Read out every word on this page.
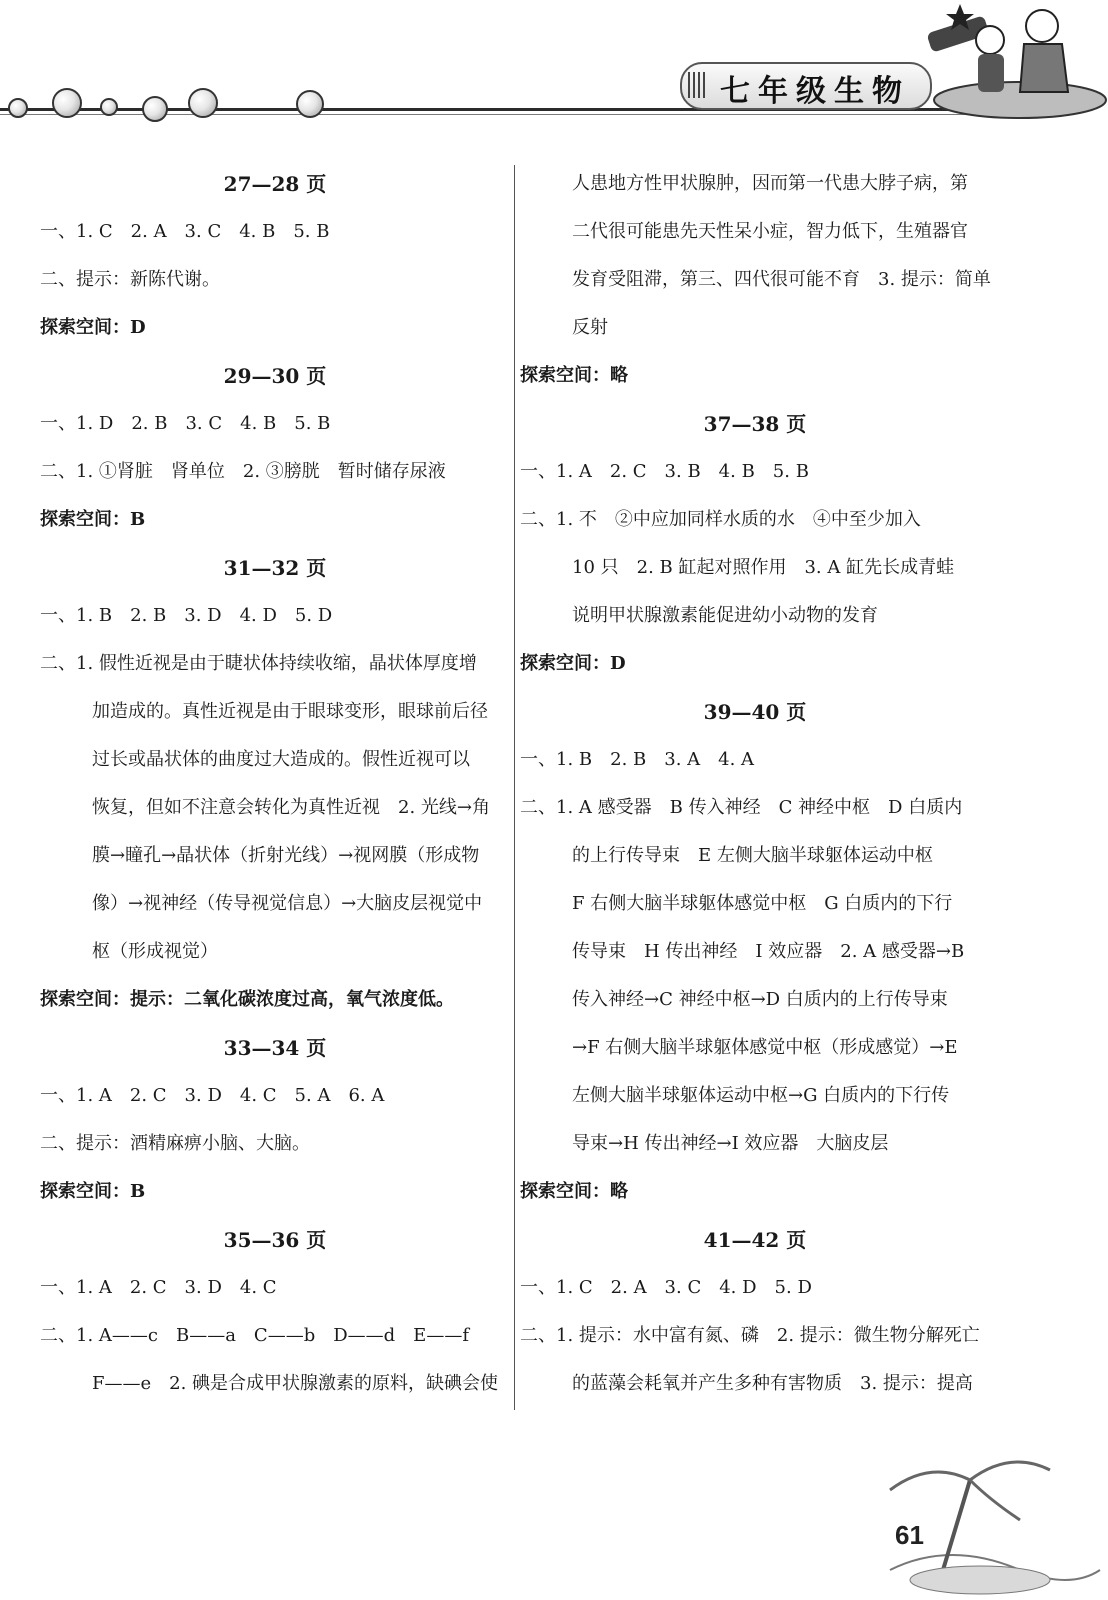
七年级生物
27—28 页
一、1. C　2. A　3. C　4. B　5. B
二、提示：新陈代谢。
探索空间：D
29—30 页
一、1. D　2. B　3. C　4. B　5. B
二、1. ①肾脏　肾单位　2. ③膀胱　暂时储存尿液
探索空间：B
31—32 页
一、1. B　2. B　3. D　4. D　5. D
二、1. 假性近视是由于睫状体持续收缩，晶状体厚度增
加造成的。真性近视是由于眼球变形，眼球前后径
过长或晶状体的曲度过大造成的。假性近视可以
恢复，但如不注意会转化为真性近视　2. 光线→角
膜→瞳孔→晶状体（折射光线）→视网膜（形成物
像）→视神经（传导视觉信息）→大脑皮层视觉中
枢（形成视觉）
探索空间：提示：二氧化碳浓度过高，氧气浓度低。
33—34 页
一、1. A　2. C　3. D　4. C　5. A　6. A
二、提示：酒精麻痹小脑、大脑。
探索空间：B
35—36 页
一、1. A　2. C　3. D　4. C
二、1. A——c　B——a　C——b　D——d　E——f
F——e　2. 碘是合成甲状腺激素的原料，缺碘会使
人患地方性甲状腺肿，因而第一代患大脖子病，第
二代很可能患先天性呆小症，智力低下，生殖器官
发育受阻滞，第三、四代很可能不育　3. 提示：简单
反射
探索空间：略
37—38 页
一、1. A　2. C　3. B　4. B　5. B
二、1. 不　②中应加同样水质的水　④中至少加入
10 只　2. B 缸起对照作用　3. A 缸先长成青蛙
说明甲状腺激素能促进幼小动物的发育
探索空间：D
39—40 页
一、1. B　2. B　3. A　4. A
二、1. A 感受器　B 传入神经　C 神经中枢　D 白质内
的上行传导束　E 左侧大脑半球躯体运动中枢
F 右侧大脑半球躯体感觉中枢　G 白质内的下行
传导束　H 传出神经　I 效应器　2. A 感受器→B
传入神经→C 神经中枢→D 白质内的上行传导束
→F 右侧大脑半球躯体感觉中枢（形成感觉）→E
左侧大脑半球躯体运动中枢→G 白质内的下行传
导束→H 传出神经→I 效应器　大脑皮层
探索空间：略
41—42 页
一、1. C　2. A　3. C　4. D　5. D
二、1. 提示：水中富有氮、磷　2. 提示：微生物分解死亡
的蓝藻会耗氧并产生多种有害物质　3. 提示：提高
61
